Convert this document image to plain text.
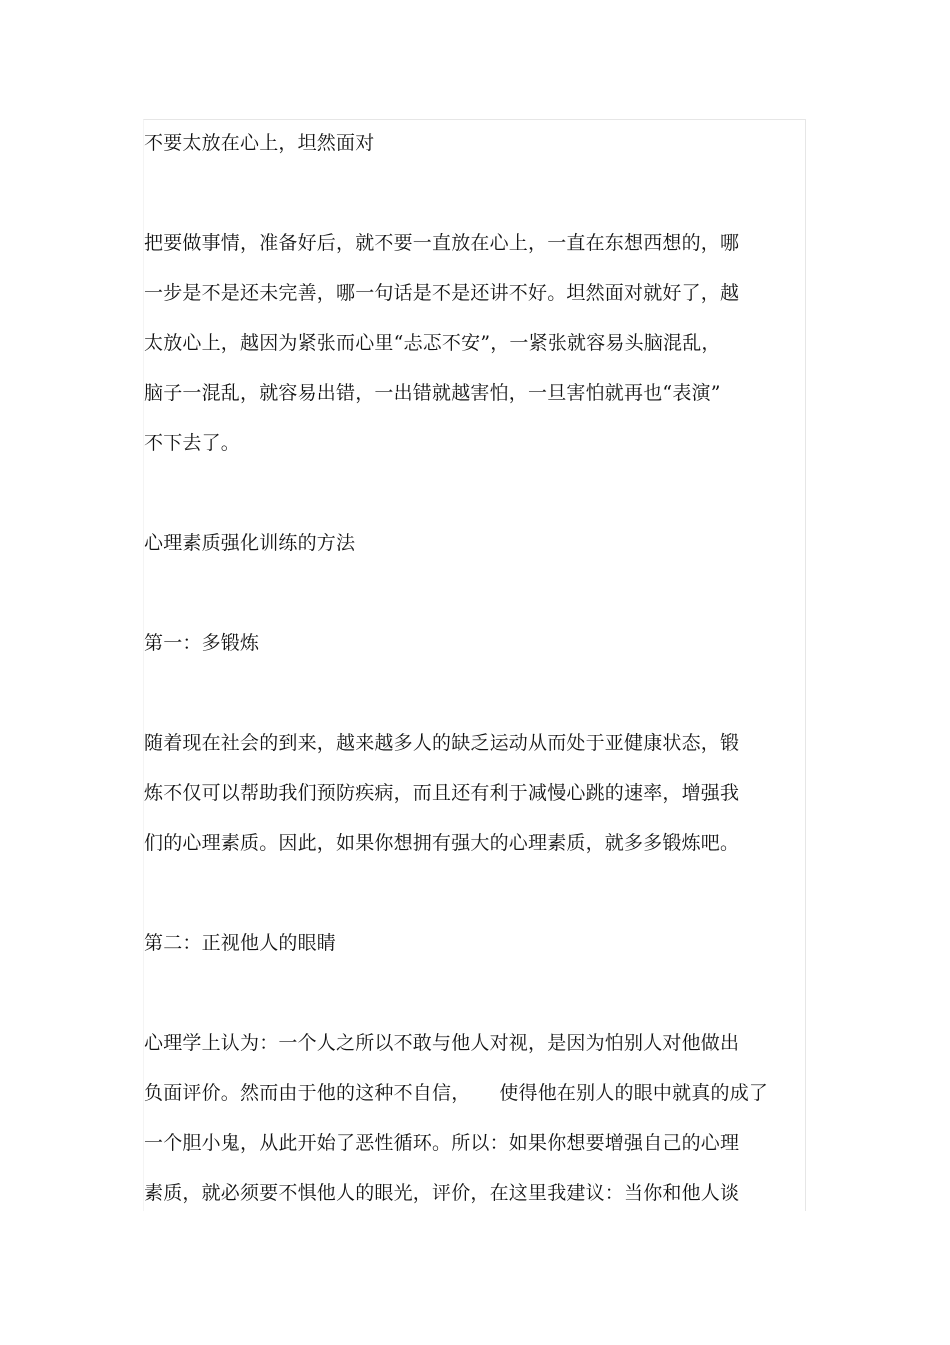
不要太放在心上，坦然面对
把要做事情，准备好后，就不要一直放在心上，一直在东想西想的，哪
一步是不是还未完善，哪一句话是不是还讲不好。坦然面对就好了，越
太放心上，越因为紧张而心里“忐忑不安”，一紧张就容易头脑混乱，
脑子一混乱，就容易出错，一出错就越害怕，一旦害怕就再也“表演”
不下去了。
心理素质强化训练的方法
第一：多锻炼
随着现在社会的到来，越来越多人的缺乏运动从而处于亚健康状态，锻
炼不仅可以帮助我们预防疾病，而且还有利于减慢心跳的速率，增强我
们的心理素质。因此，如果你想拥有强大的心理素质，就多多锻炼吧。
第二：正视他人的眼睛
心理学上认为：一个人之所以不敢与他人对视，是因为怕别人对他做出
负面评价。然而由于他的这种不自信，　　使得他在别人的眼中就真的成了
一个胆小鬼，从此开始了恶性循环。所以：如果你想要增强自己的心理
素质，就必须要不惧他人的眼光，评价，在这里我建议：当你和他人谈
